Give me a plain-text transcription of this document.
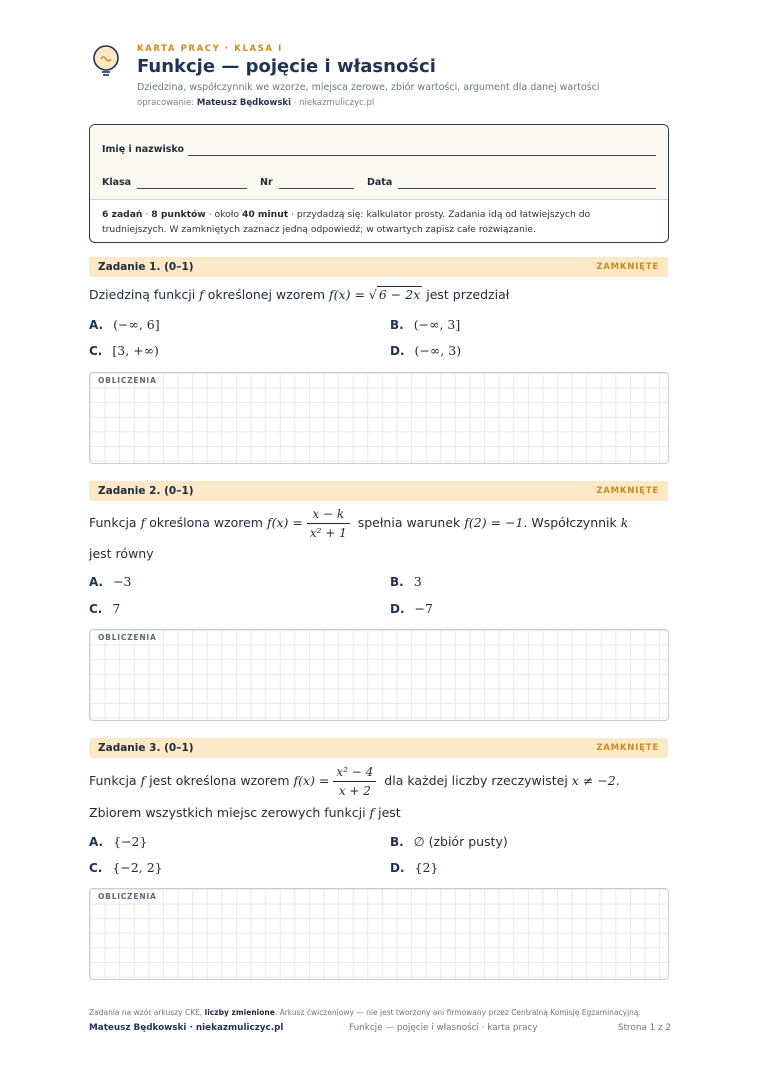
KARTA PRACY · KLASA I
Funkcje — pojęcie i własności
Dziedzina, współczynnik we wzorze, miejsca zerowe, zbiór wartości, argument dla danej wartości
opracowanie: Mateusz Będkowski · niekazmuliczyc.pl
Imię i nazwisko
Klasa	Nr	Data
6 zadań · 8 punktów · około 40 minut · przydadzą się: kalkulator prosty. Zadania idą od łatwiejszych do
trudniejszych. W zamkniętych zaznacz jedną odpowiedź; w otwartych zapisz całe rozwiązanie.
Zadanie 1. (0–1)	ZAMKNIĘTE
Dziedziną funkcji f określonej wzorem f(x) = √ 6 − 2x jest przedział
A. (−∞, 6]	B. (−∞, 3]
C. [3, +∞)	D. (−∞, 3)
OBLICZENIA
Zadanie 2. (0–1)	ZAMKNIĘTE
Funkcja f określona wzorem $f(x) = \frac{x - k}{\text{x² + 1}}$ spełnia warunek f(2) = −1. Współczynnik k
jest równy
A. −3	B. 3
C. 7	D. −7
OBLICZENIA
Zadanie 3. (0–1)	ZAMKNIĘTE
Funkcja f jest określona wzorem $f(x) = \frac{\text{x² − 4}}{x + 2}$ dla każdej liczby rzeczywistej x ≠ −2.
Zbiorem wszystkich miejsc zerowych funkcji f jest
A. {−2}	B. ∅ (zbiór pusty)
C. {−2, 2}	D. {2}
OBLICZENIA
Zadania na wzór arkuszy CKE, liczby zmienione. Arkusz ćwiczeniowy — nie jest tworzony ani firmowany przez Centralną Komisję Egzaminacyjną.
Mateusz Będkowski · niekazmuliczyc.pl	Funkcje — pojęcie i własności · karta pracy	Strona 1 z 2
